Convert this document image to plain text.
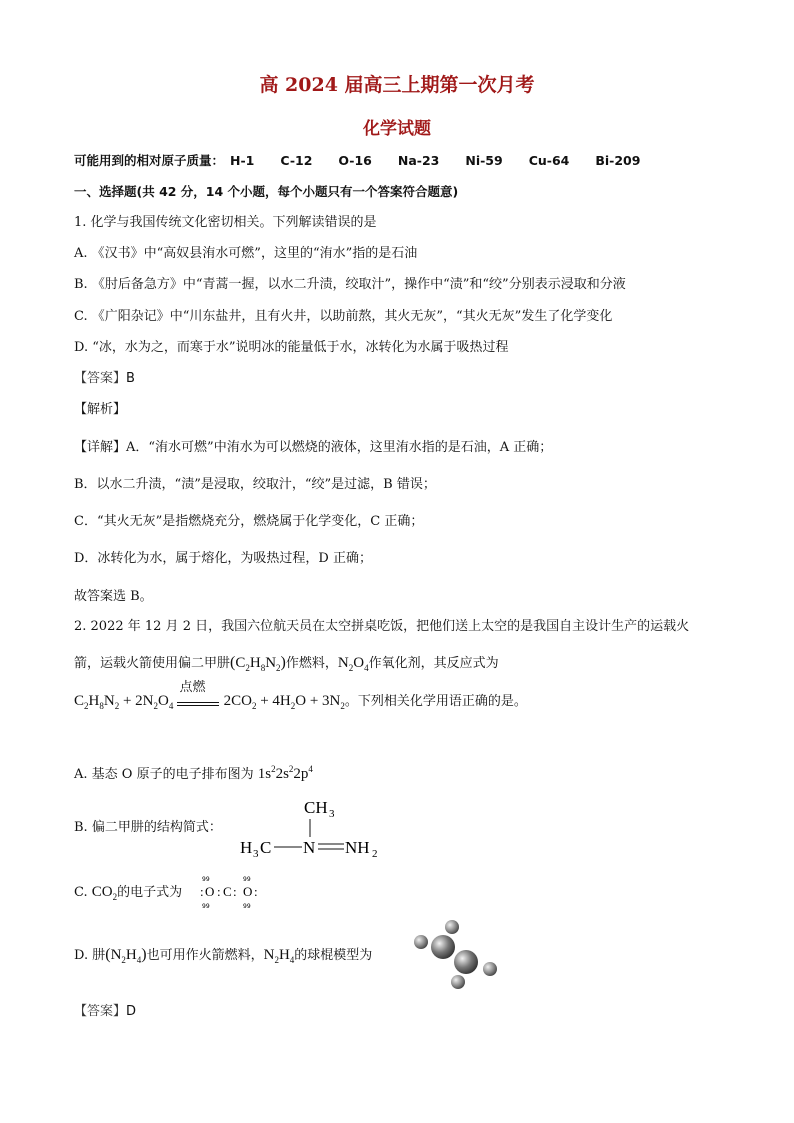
高 2024 届高三上期第一次月考
化学试题
可能用到的相对原子质量： H-1 C-12 O-16 Na-23 Ni-59 Cu-64 Bi-209
一、选择题(共 42 分，14 个小题，每个小题只有一个答案符合题意)
1. 化学与我国传统文化密切相关。下列解读错误的是
A. 《汉书》中“高奴县洧水可燃”，这里的“洧水”指的是石油
B. 《肘后备急方》中“青蒿一握，以水二升渍，绞取汁”，操作中“渍”和“绞”分别表示浸取和分液
C. 《广阳杂记》中“川东盐井，且有火井，以助前熬，其火无灰”，“其火无灰”发生了化学变化
D. “冰，水为之，而寒于水”说明冰的能量低于水，冰转化为水属于吸热过程
【答案】B
【解析】
【详解】A．“洧水可燃”中洧水为可以燃烧的液体，这里洧水指的是石油，A 正确；
B．以水二升渍，“渍”是浸取，绞取汁，“绞”是过滤，B 错误；
C．“其火无灰”是指燃烧充分，燃烧属于化学变化，C 正确；
D．冰转化为水，属于熔化，为吸热过程，D 正确；
故答案选 B。
2. 2022 年 12 月 2 日，我国六位航天员在太空拼桌吃饭，把他们送上太空的是我国自主设计生产的运载火
箭，运载火箭使用偏二甲肼$(C_2H_8N_2)$作燃料，$N_2O_4$作氧化剂，其反应式为
$C_2H_8N_2 + 2N_2O_4$
点燃
$2CO_2 + 4H_2O + 3N_2$。下列相关化学用语正确的是。
A. 基态 O 原子的电子排布图为 $1s^22s^22p^4$
B. 偏二甲肼的结构简式：
CH 3
H 3 C N NH 2
C. $CO_2$的电子式为
99
: O
99
: C :
99
O :
99
D. 肼$(N_2H_4)$也可用作火箭燃料，$N_2H_4$的球棍模型为
【答案】D
